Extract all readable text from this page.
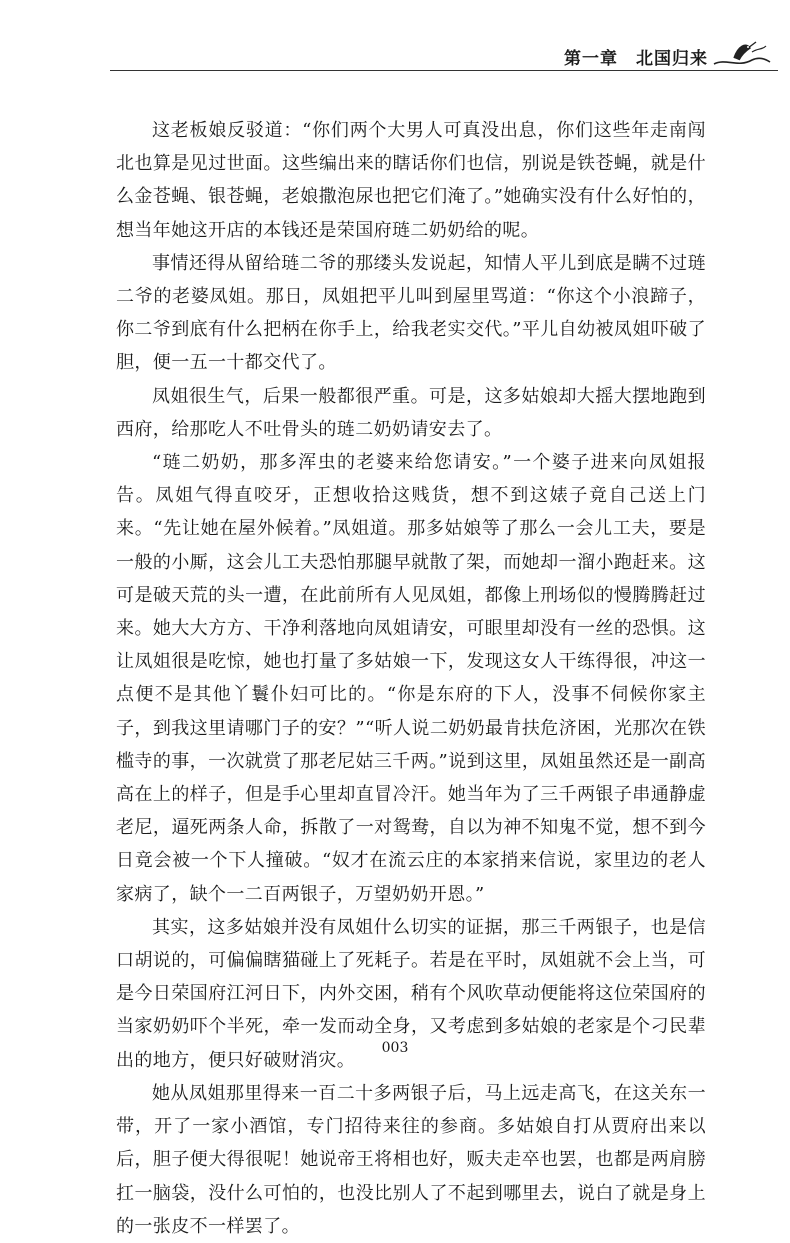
第一章　北国归来

这老板娘反驳道：“你们两个大男人可真没出息，你们这些年走南闯北也算是见过世面。这些编出来的瞎话你们也信，别说是铁苍蝇，就是什么金苍蝇、银苍蝇，老娘撒泡尿也把它们淹了。”她确实没有什么好怕的，想当年她这开店的本钱还是荣国府琏二奶奶给的呢。

事情还得从留给琏二爷的那缕头发说起，知情人平儿到底是瞒不过琏二爷的老婆凤姐。那日，凤姐把平儿叫到屋里骂道：“你这个小浪蹄子，你二爷到底有什么把柄在你手上，给我老实交代。”平儿自幼被凤姐吓破了胆，便一五一十都交代了。

凤姐很生气，后果一般都很严重。可是，这多姑娘却大摇大摆地跑到西府，给那吃人不吐骨头的琏二奶奶请安去了。

“琏二奶奶，那多浑虫的老婆来给您请安。”一个婆子进来向凤姐报告。凤姐气得直咬牙，正想收拾这贱货，想不到这婊子竟自己送上门来。“先让她在屋外候着。”凤姐道。那多姑娘等了那么一会儿工夫，要是一般的小厮，这会儿工夫恐怕那腿早就散了架，而她却一溜小跑赶来。这可是破天荒的头一遭，在此前所有人见凤姐，都像上刑场似的慢腾腾赶过来。她大大方方、干净利落地向凤姐请安，可眼里却没有一丝的恐惧。这让凤姐很是吃惊，她也打量了多姑娘一下，发现这女人干练得很，冲这一点便不是其他丫鬟仆妇可比的。“你是东府的下人，没事不伺候你家主子，到我这里请哪门子的安？”“听人说二奶奶最肯扶危济困，光那次在铁槛寺的事，一次就赏了那老尼姑三千两。”说到这里，凤姐虽然还是一副高高在上的样子，但是手心里却直冒冷汗。她当年为了三千两银子串通静虚老尼，逼死两条人命，拆散了一对鸳鸯，自以为神不知鬼不觉，想不到今日竟会被一个下人撞破。“奴才在流云庄的本家捎来信说，家里边的老人家病了，缺个一二百两银子，万望奶奶开恩。”

其实，这多姑娘并没有凤姐什么切实的证据，那三千两银子，也是信口胡说的，可偏偏瞎猫碰上了死耗子。若是在平时，凤姐就不会上当，可是今日荣国府江河日下，内外交困，稍有个风吹草动便能将这位荣国府的当家奶奶吓个半死，牵一发而动全身，又考虑到多姑娘的老家是个刁民辈出的地方，便只好破财消灾。

她从凤姐那里得来一百二十多两银子后，马上远走高飞，在这关东一带，开了一家小酒馆，专门招待来往的参商。多姑娘自打从贾府出来以后，胆子便大得很呢！她说帝王将相也好，贩夫走卒也罢，也都是两肩膀扛一脑袋，没什么可怕的，也没比别人了不起到哪里去，说白了就是身上的一张皮不一样罢了。

003
